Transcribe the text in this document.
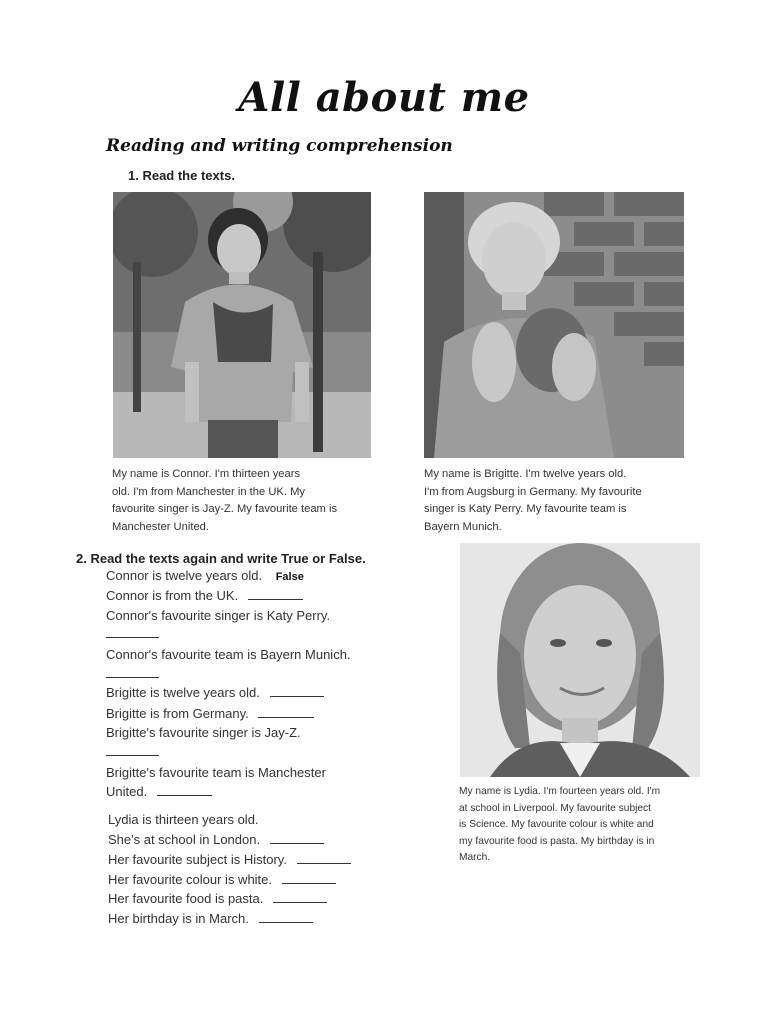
All about me
Reading and writing comprehension
1. Read the texts.
My name is Connor. I'm thirteen years
old. I'm from Manchester in the UK. My
favourite singer is Jay-Z. My favourite team is
Manchester United.
My name is Brigitte. I'm twelve years old.
I'm from Augsburg in Germany. My favourite
singer is Katy Perry. My favourite team is
Bayern Munich.
2. Read the texts again and write True or False.
My name is Lydia. I'm fourteen years old. I'm
at school in Liverpool. My favourite subject
is Science. My favourite colour is white and
my favourite food is pasta. My birthday is in
March.
Connor is twelve years old. False
Connor is from the UK.
Connor's favourite singer is Katy Perry.
Connor's favourite team is Bayern Munich.
Brigitte is twelve years old.
Brigitte is from Germany.
Brigitte's favourite singer is Jay-Z.
Brigitte's favourite team is Manchester
United.
Lydia is thirteen years old.
She's at school in London.
Her favourite subject is History.
Her favourite colour is white.
Her favourite food is pasta.
Her birthday is in March.
